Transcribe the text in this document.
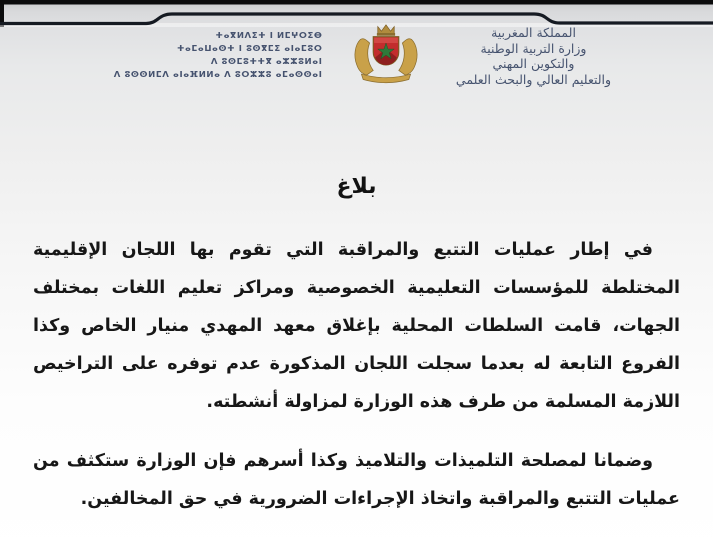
ⵜⴰⴳⵍⴷⵉⵜ ⵏ ⵍⵎⵖⵔⵉⴱ
ⵜⴰⵎⴰⵡⴰⵙⵜ ⵏ ⵓⵙⴳⵎⵉ ⴰⵏⴰⵎⵓⵔ
ⴷ ⵓⵙⵎⵓⵜⵜⴳ ⴰⵣⵣⵓⵍⴰⵏ
ⴷ ⵓⵙⵙⵍⵎⴷ ⴰⵏⴰⴼⵍⵍⴰ ⴷ ⵓⵔⵣⵣⵓ ⴰⵎⴰⵙⵙⴰⵏ
المملكة المغربية
وزارة التربية الوطنية
والتكوين المهني
والتعليم العالي والبحث العلمي
بلاغ

في إطار عمليات التتبع والمراقبة التي تقوم بها اللجان الإقليمية المختلطة للمؤسسات التعليمية الخصوصية ومراكز تعليم اللغات بمختلف الجهات، قامت السلطات المحلية بإغلاق معهد المهدي منيار الخاص وكذا الفروع التابعة له بعدما سجلت اللجان المذكورة عدم توفره على التراخيص اللازمة المسلمة من طرف هذه الوزارة لمزاولة أنشطته.

وضمانا لمصلحة التلميذات والتلاميذ وكذا أسرهم فإن الوزارة ستكثف من عمليات التتبع والمراقبة واتخاذ الإجراءات الضرورية في حق المخالفين.
